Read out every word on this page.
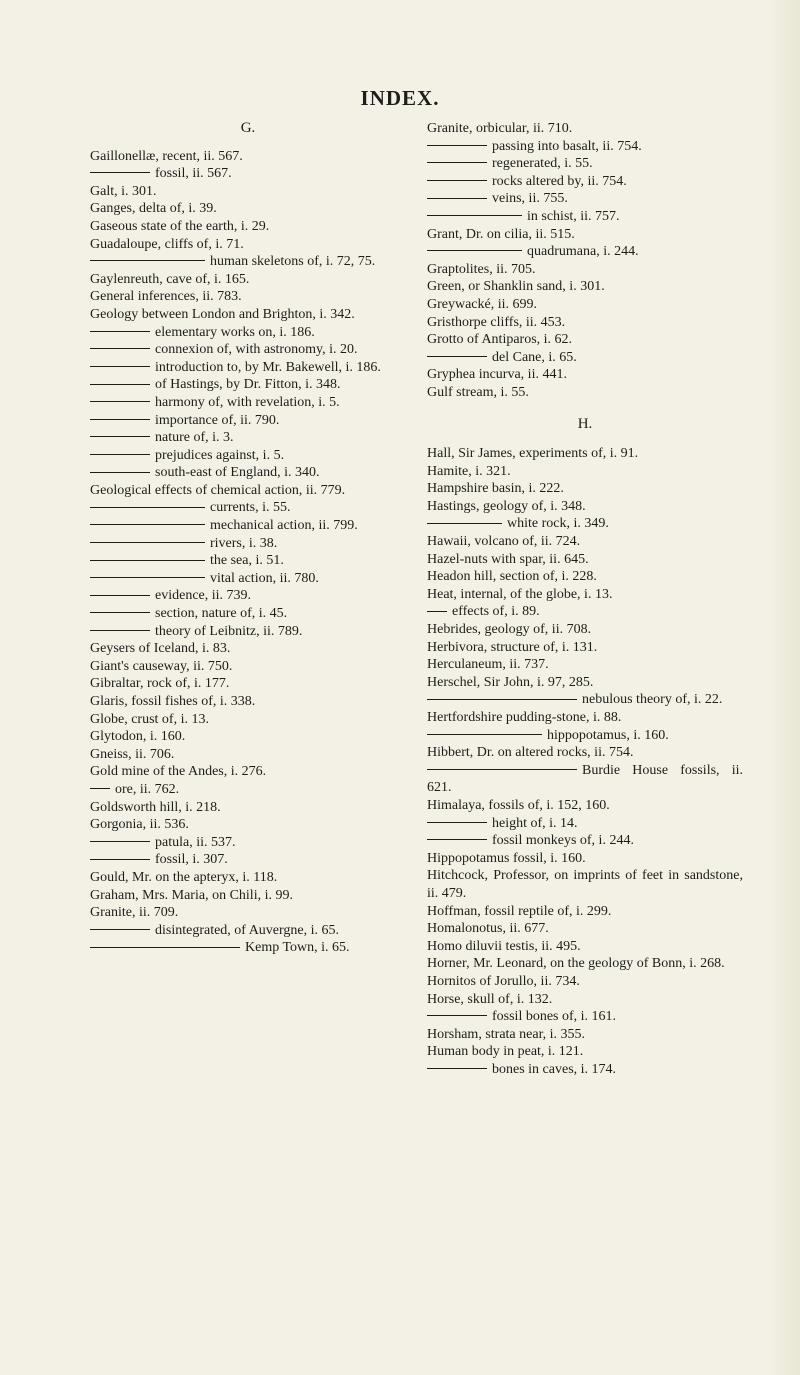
INDEX.
G.
Gaillonellæ, recent, ii. 567.
fossil, ii. 567.
Galt, i. 301.
Ganges, delta of, i. 39.
Gaseous state of the earth, i. 29.
Guadaloupe, cliffs of, i. 71.
human skeletons of, i. 72, 75.
Gaylenreuth, cave of, i. 165.
General inferences, ii. 783.
Geology between London and Brighton, i. 342.
elementary works on, i. 186.
connexion of, with astronomy, i. 20.
introduction to, by Mr. Bakewell, i. 186.
of Hastings, by Dr. Fitton, i. 348.
harmony of, with revelation, i. 5.
importance of, ii. 790.
nature of, i. 3.
prejudices against, i. 5.
south-east of England, i. 340.
Geological effects of chemical action, ii. 779.
currents, i. 55.
mechanical action, ii. 799.
rivers, i. 38.
the sea, i. 51.
vital action, ii. 780.
evidence, ii. 739.
section, nature of, i. 45.
theory of Leibnitz, ii. 789.
Geysers of Iceland, i. 83.
Giant's causeway, ii. 750.
Gibraltar, rock of, i. 177.
Glaris, fossil fishes of, i. 338.
Globe, crust of, i. 13.
Glytodon, i. 160.
Gneiss, ii. 706.
Gold mine of the Andes, i. 276.
ore, ii. 762.
Goldsworth hill, i. 218.
Gorgonia, ii. 536.
patula, ii. 537.
fossil, i. 307.
Gould, Mr. on the apteryx, i. 118.
Graham, Mrs. Maria, on Chili, i. 99.
Granite, ii. 709.
disintegrated, of Auvergne, i. 65.
Kemp Town, i. 65.
Granite, orbicular, ii. 710.
passing into basalt, ii. 754.
regenerated, i. 55.
rocks altered by, ii. 754.
veins, ii. 755.
in schist, ii. 757.
Grant, Dr. on cilia, ii. 515.
quadrumana, i. 244.
Graptolites, ii. 705.
Green, or Shanklin sand, i. 301.
Greywacké, ii. 699.
Gristhorpe cliffs, ii. 453.
Grotto of Antiparos, i. 62.
del Cane, i. 65.
Gryphea incurva, ii. 441.
Gulf stream, i. 55.
H.
Hall, Sir James, experiments of, i. 91.
Hamite, i. 321.
Hampshire basin, i. 222.
Hastings, geology of, i. 348.
white rock, i. 349.
Hawaii, volcano of, ii. 724.
Hazel-nuts with spar, ii. 645.
Headon hill, section of, i. 228.
Heat, internal, of the globe, i. 13.
effects of, i. 89.
Hebrides, geology of, ii. 708.
Herbivora, structure of, i. 131.
Herculaneum, ii. 737.
Herschel, Sir John, i. 97, 285.
nebulous theory of, i. 22.
Hertfordshire pudding-stone, i. 88.
hippopotamus, i. 160.
Hibbert, Dr. on altered rocks, ii. 754.
Burdie House fossils, ii. 621.
Himalaya, fossils of, i. 152, 160.
height of, i. 14.
fossil monkeys of, i. 244.
Hippopotamus fossil, i. 160.
Hitchcock, Professor, on imprints of feet in sandstone, ii. 479.
Hoffman, fossil reptile of, i. 299.
Homalonotus, ii. 677.
Homo diluvii testis, ii. 495.
Horner, Mr. Leonard, on the geology of Bonn, i. 268.
Hornitos of Jorullo, ii. 734.
Horse, skull of, i. 132.
fossil bones of, i. 161.
Horsham, strata near, i. 355.
Human body in peat, i. 121.
bones in caves, i. 174.
